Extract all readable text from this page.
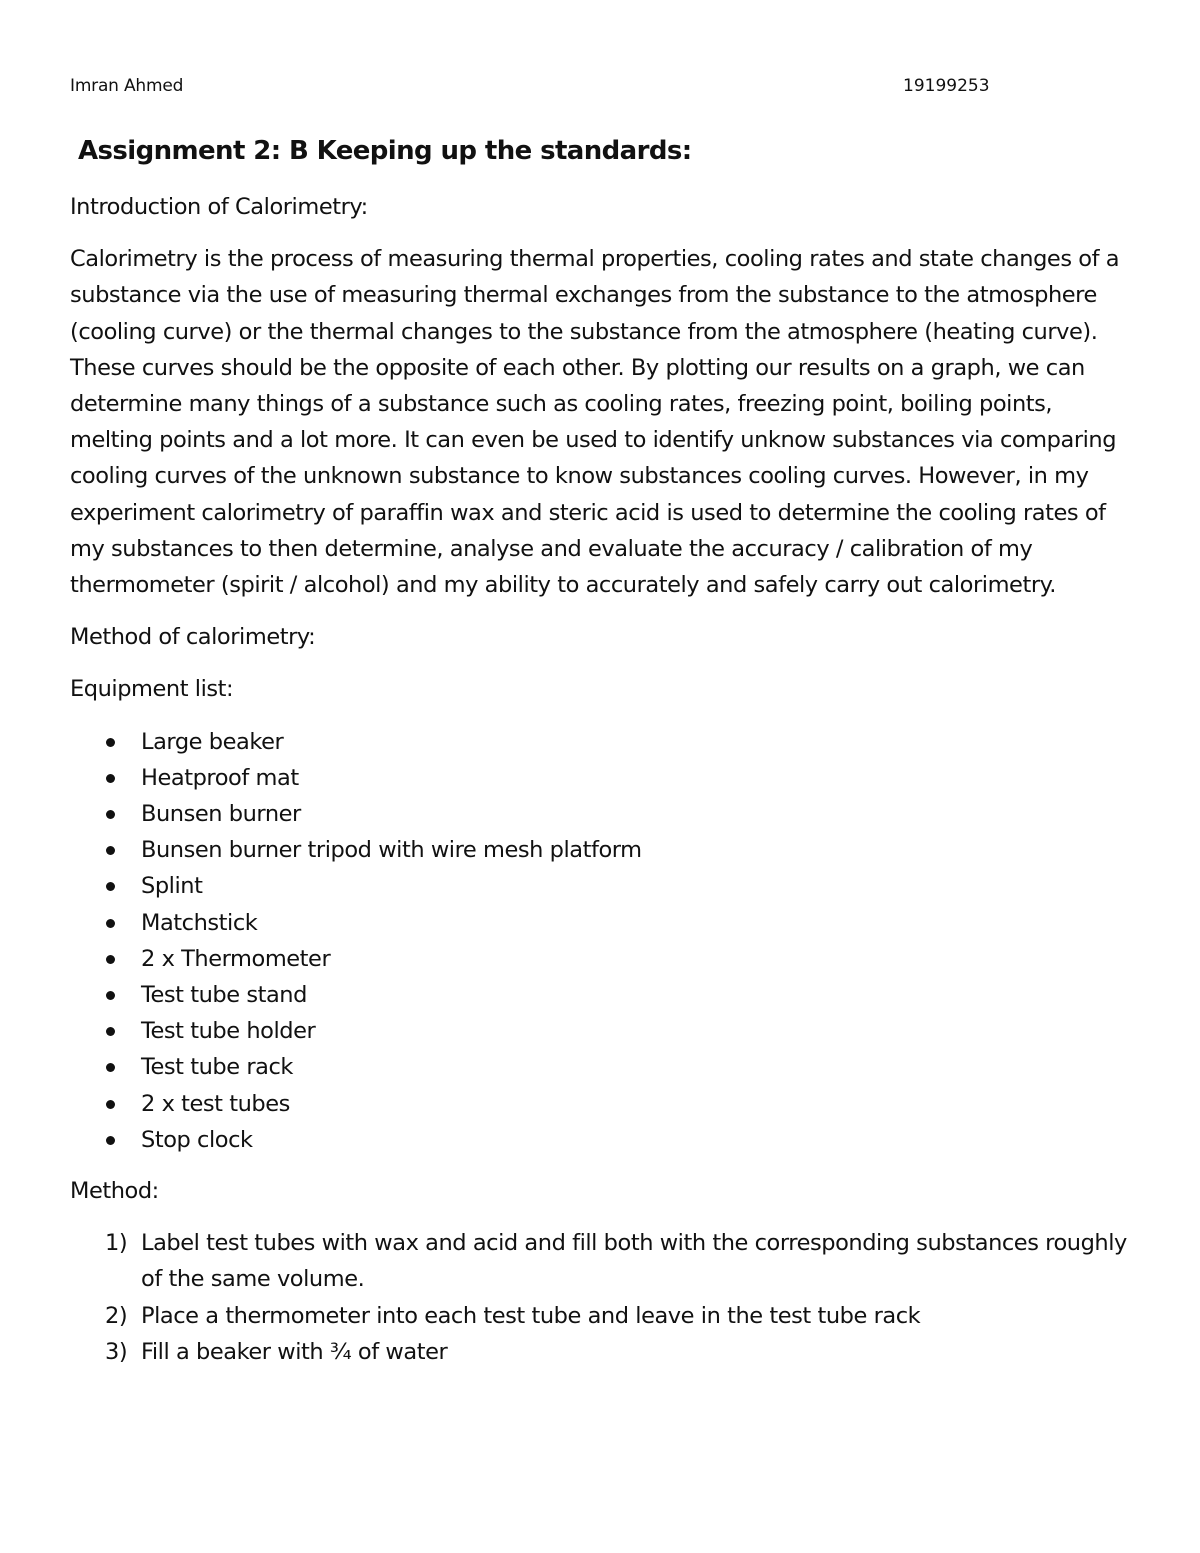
Imran Ahmed	19199253
Assignment 2: B Keeping up the standards:

Introduction of Calorimetry:

Calorimetry is the process of measuring thermal properties, cooling rates and state changes of a substance via the use of measuring thermal exchanges from the substance to the atmosphere (cooling curve) or the thermal changes to the substance from the atmosphere (heating curve). These curves should be the opposite of each other. By plotting our results on a graph, we can determine many things of a substance such as cooling rates, freezing point, boiling points, melting points and a lot more. It can even be used to identify unknow substances via comparing cooling curves of the unknown substance to know substances cooling curves. However, in my experiment calorimetry of paraffin wax and steric acid is used to determine the cooling rates of my substances to then determine, analyse and evaluate the accuracy / calibration of my thermometer (spirit / alcohol) and my ability to accurately and safely carry out calorimetry.

Method of calorimetry:

Equipment list:

Large beaker
Heatproof mat
Bunsen burner
Bunsen burner tripod with wire mesh platform
Splint
Matchstick
2 x Thermometer
Test tube stand
Test tube holder
Test tube rack
2 x test tubes
Stop clock

Method:

1) Label test tubes with wax and acid and fill both with the corresponding substances roughly of the same volume.
2) Place a thermometer into each test tube and leave in the test tube rack
3) Fill a beaker with ¾ of water
